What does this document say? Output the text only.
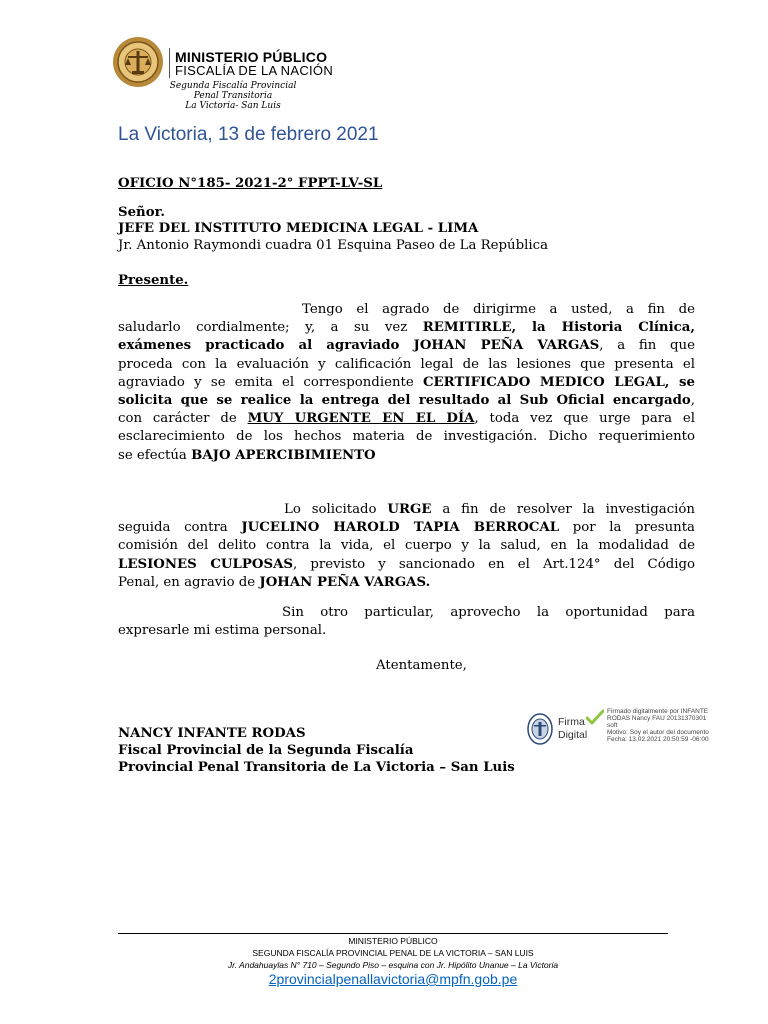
MINISTERIO PÚBLICO
FISCALÍA DE LA NACIÓN
Segunda Fiscalía Provincial
Penal Transitoria
La Victoria- San Luis
La Victoria, 13 de febrero 2021
OFICIO N°185- 2021-2° FPPT-LV-SL
Señor.
JEFE DEL INSTITUTO MEDICINA LEGAL - LIMA
Jr. Antonio Raymondi cuadra 01 Esquina Paseo de La República
Presente.
Tengo el agrado de dirigirme a usted, a fin de
saludarlo cordialmente; y, a su vez REMITIRLE, la Historia Clínica,
exámenes practicado al agraviado JOHAN PEÑA VARGAS, a fin que
proceda con la evaluación y calificación legal de las lesiones que presenta el
agraviado y se emita el correspondiente CERTIFICADO MEDICO LEGAL, se
solicita que se realice la entrega del resultado al Sub Oficial encargado,
con carácter de MUY URGENTE EN EL DÍA, toda vez que urge para el
esclarecimiento de los hechos materia de investigación. Dicho requerimiento
se efectúa BAJO APERCIBIMIENTO
Lo solicitado URGE a fin de resolver la investigación
seguida contra JUCELINO HAROLD TAPIA BERROCAL por la presunta
comisión del delito contra la vida, el cuerpo y la salud, en la modalidad de
LESIONES CULPOSAS, previsto y sancionado en el Art.124° del Código
Penal, en agravio de JOHAN PEÑA VARGAS.
Sin otro particular, aprovecho la oportunidad para
expresarle mi estima personal.
Atentamente,
Firma
Digital
Firmado digitalmente por INFANTE
RODAS Nancy FAU 20131370301
soft
Motivo: Soy el autor del documento
Fecha: 13.02.2021 20:50:59 -06:00
NANCY INFANTE RODAS
Fiscal Provincial de la Segunda Fiscalía
Provincial Penal Transitoria de La Victoria – San Luis
MINISTERIO PÚBLICO
SEGUNDA FISCALÍA PROVINCIAL PENAL DE LA VICTORIA – SAN LUIS
Jr. Andahuaylas N° 710 – Segundo Piso – esquina con Jr. Hipólito Unanue – La Victoria
2provincialpenallavictoria@mpfn.gob.pe
